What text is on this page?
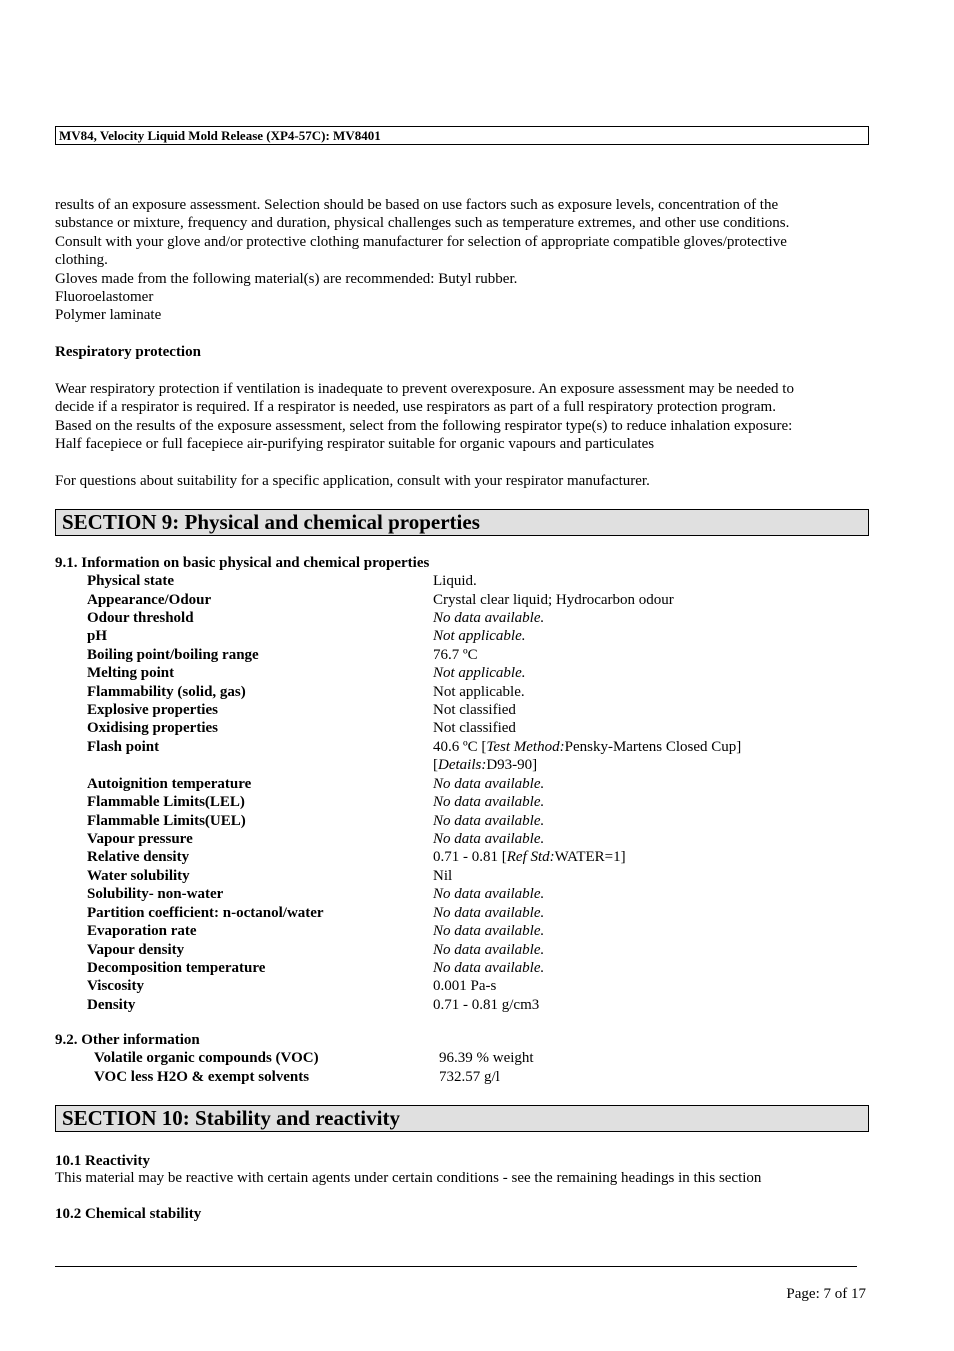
MV84, Velocity Liquid Mold Release (XP4-57C): MV8401
results of an exposure assessment. Selection should be based on use factors such as exposure levels, concentration of the
substance or mixture, frequency and duration, physical challenges such as temperature extremes, and other use conditions.
Consult with your glove and/or protective clothing manufacturer for selection of appropriate compatible gloves/protective
clothing.
Gloves made from the following material(s) are recommended: Butyl rubber.
Fluoroelastomer
Polymer laminate
Respiratory protection
Wear respiratory protection if ventilation is inadequate to prevent overexposure. An exposure assessment may be needed to
decide if a respirator is required. If a respirator is needed, use respirators as part of a full respiratory protection program.
Based on the results of the exposure assessment, select from the following respirator type(s) to reduce inhalation exposure:
Half facepiece or full facepiece air-purifying respirator suitable for organic vapours and particulates
For questions about suitability for a specific application, consult with your respirator manufacturer.
SECTION 9: Physical and chemical properties
9.1. Information on basic physical and chemical properties
Physical state	Liquid.
Appearance/Odour	Crystal clear liquid; Hydrocarbon odour
Odour threshold	No data available.
pH	Not applicable.
Boiling point/boiling range	76.7 ºC
Melting point	Not applicable.
Flammability (solid, gas)	Not applicable.
Explosive properties	Not classified
Oxidising properties	Not classified
Flash point	40.6 ºC [Test Method:Pensky-Martens Closed Cup]
[Details:D93-90]
Autoignition temperature	No data available.
Flammable Limits(LEL)	No data available.
Flammable Limits(UEL)	No data available.
Vapour pressure	No data available.
Relative density	0.71 - 0.81 [Ref Std:WATER=1]
Water solubility	Nil
Solubility- non-water	No data available.
Partition coefficient: n-octanol/water	No data available.
Evaporation rate	No data available.
Vapour density	No data available.
Decomposition temperature	No data available.
Viscosity	0.001 Pa-s
Density	0.71 - 0.81 g/cm3
9.2. Other information
Volatile organic compounds (VOC)	96.39 % weight
VOC less H2O & exempt solvents	732.57 g/l
SECTION 10: Stability and reactivity
10.1 Reactivity
This material may be reactive with certain agents under certain conditions - see the remaining headings in this section
10.2 Chemical stability
Page: 7 of 17
